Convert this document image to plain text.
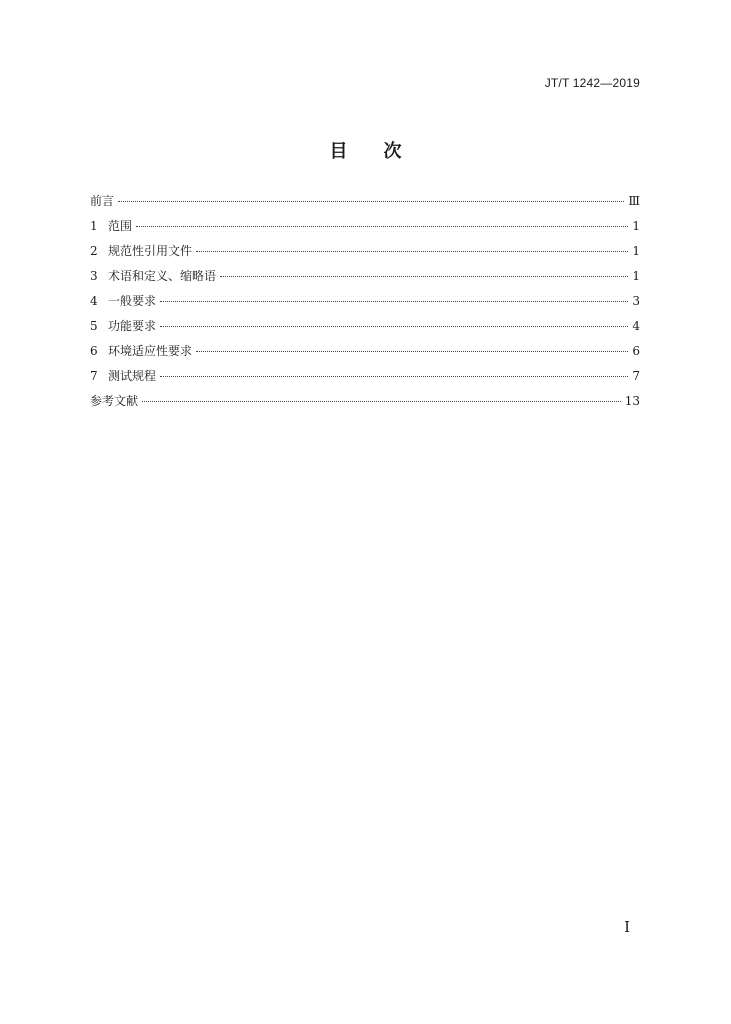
JT/T 1242—2019
目 次
前言	Ⅲ
1 范围	1
2 规范性引用文件	1
3 术语和定义、缩略语	1
4 一般要求	3
5 功能要求	4
6 环境适应性要求	6
7 测试规程	7
参考文献	13
Ⅰ
